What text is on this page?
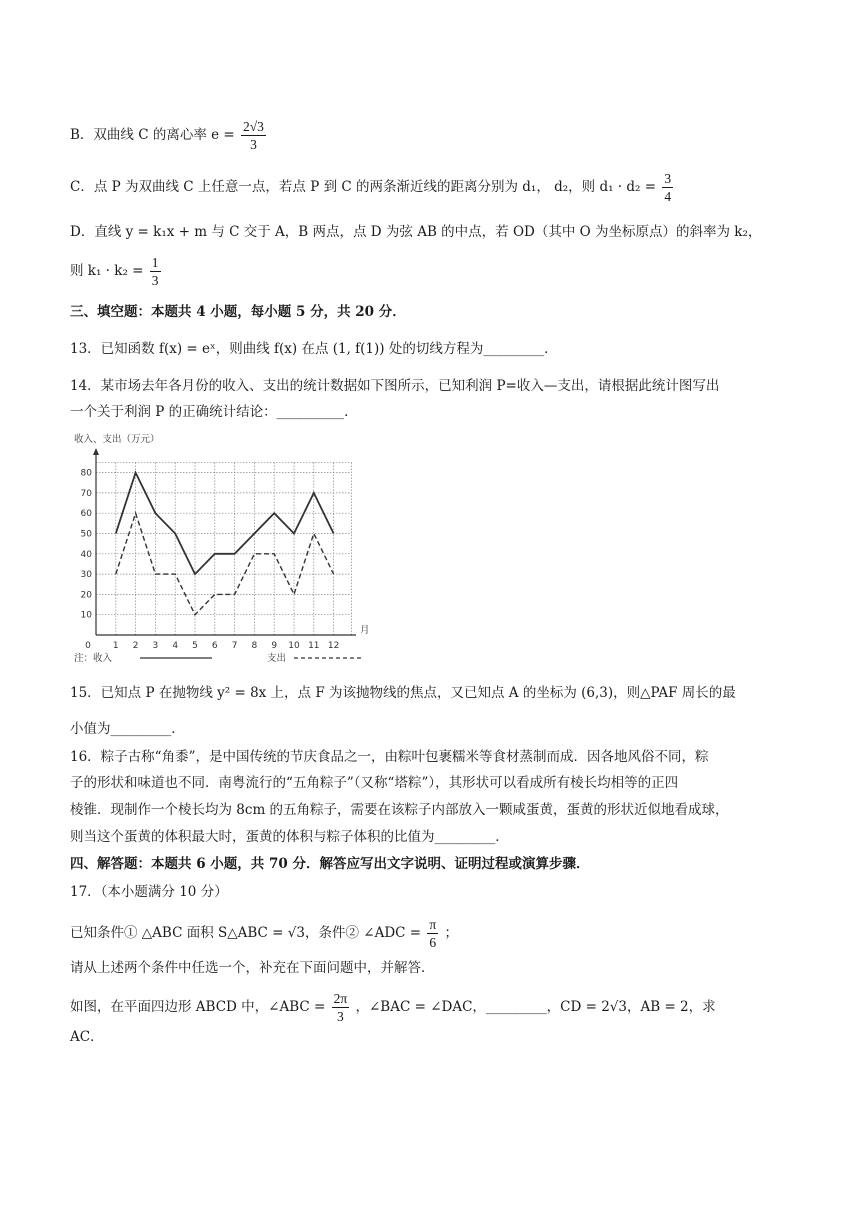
B．双曲线 C 的离心率 $e = \frac{2√3}{3}$
C．点 P 为双曲线 C 上任意一点，若点 P 到 C 的两条渐近线的距离分别为 d₁， d₂，则 $d_1 \cdot d_2 = \frac{3}{4}$
D．直线 y = k₁x + m 与 C 交于 A，B 两点，点 D 为弦 AB 的中点，若 OD（其中 O 为坐标原点）的斜率为 k₂，
则 $k_1 \cdot k_2 = \frac{1}{3}$
三、填空题：本题共 4 小题，每小题 5 分，共 20 分．
13．已知函数 f(x) = eˣ，则曲线 f(x) 在点 (1, f(1)) 处的切线方程为_________．
14．某市场去年各月份的收入、支出的统计数据如下图所示，已知利润 P=收入—支出，请根据此统计图写出
一个关于利润 P 的正确统计结论：__________．
1 2 3 4 5 6 7 8 9 10 11 12
10
20
30
40
50
60
70
80
0
收入、支出（万元）
月
注：收入	支出
15．已知点 P 在抛物线 y² = 8x 上，点 F 为该抛物线的焦点，又已知点 A 的坐标为 (6,3)，则△PAF 周长的最
小值为_________．
16．粽子古称“角黍”，是中国传统的节庆食品之一，由粽叶包裹糯米等食材蒸制而成．因各地风俗不同，粽
子的形状和味道也不同．南粤流行的“五角粽子”（又称“塔粽”），其形状可以看成所有棱长均相等的正四
棱锥．现制作一个棱长均为 8cm 的五角粽子，需要在该粽子内部放入一颗咸蛋黄，蛋黄的形状近似地看成球，
则当这个蛋黄的体积最大时，蛋黄的体积与粽子体积的比值为_________．
四、解答题：本题共 6 小题，共 70 分．解答应写出文字说明、证明过程或演算步骤．
17．（本小题满分 10 分）
已知条件① △ABC 面积 S△ABC = √3，条件② ∠ADC = $\frac{\pi}{6}$ ；
请从上述两个条件中任选一个，补充在下面问题中，并解答．
如图，在平面四边形 ABCD 中，∠ABC = $\frac{2\pi}{3}$ ，∠BAC = ∠DAC，_________，CD = 2√3，AB = 2，求
AC．
